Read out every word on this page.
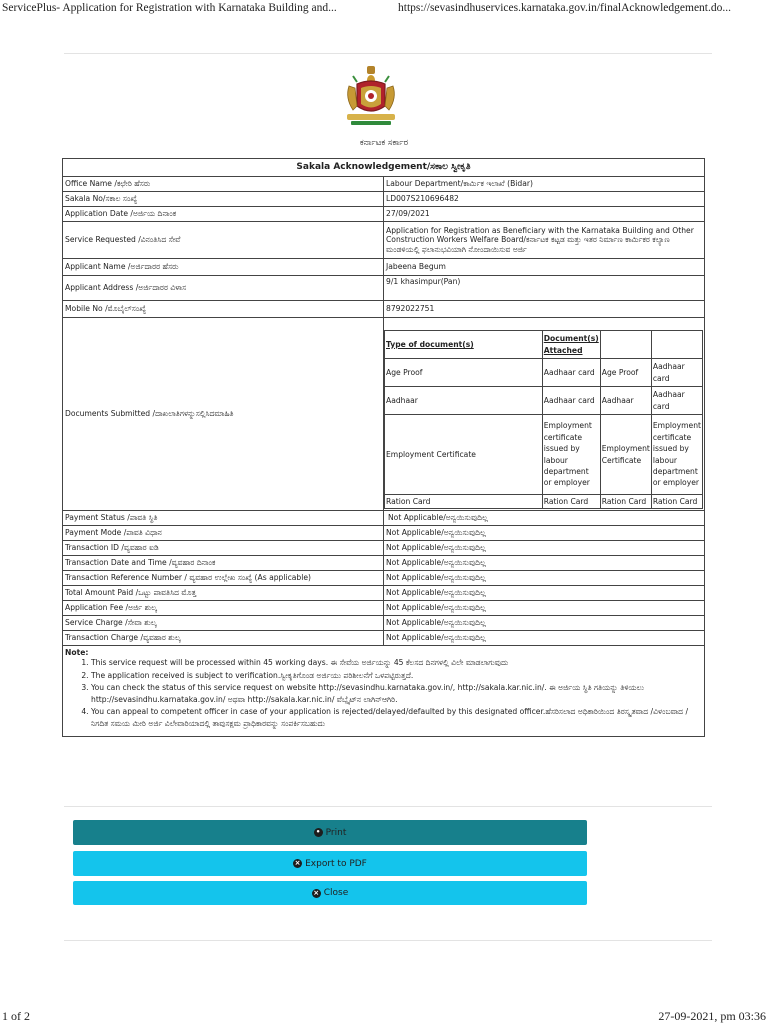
ServicePlus- Application for Registration with Karnataka Building and...	https://sevasindhuservices.karnataka.gov.in/finalAcknowledgement.do...
ಕರ್ನಾಟಕ ಸರ್ಕಾರ
Sakala Acknowledgement/ಸಕಾಲ ಸ್ವೀಕೃತಿ
Office Name /ಕಛೇರಿ ಹೆಸರು	Labour Department/ಕಾರ್ಮಿಕ ಇಲಾಖೆ (Bidar)
Sakala No/ಸಕಾಲ ಸಂಖ್ಯೆ	LD007S210696482
Application Date /ಅರ್ಜಿಯ ದಿನಾಂಕ	27/09/2021
Service Requested /ವಿನಂತಿಸಿದ ಸೇವೆ	Application for Registration as Beneficiary with the Karnataka Building and Other Construction Workers Welfare Board/ಕರ್ನಾಟಕ ಕಟ್ಟಡ ಮತ್ತು ಇತರ ನಿರ್ಮಾಣ ಕಾರ್ಮಿಕರ ಕಲ್ಯಾಣ ಮಂಡಳಿಯಲ್ಲಿ ಫಲಾನುಭವಿಯಾಗಿ ನೋಂದಾಯಿಸುವ ಅರ್ಜಿ
Applicant Name /ಅರ್ಜಿದಾರರ ಹೆಸರು	Jabeena Begum
Applicant Address /ಅರ್ಜಿದಾರರ ವಿಳಾಸ	9/1 khasimpur(Pan)
Mobile No /ಮೊಬೈಲ್‌ಸಂಖ್ಯೆ	8792022751
Documents Submitted /ದಾಖಲಾತಿಗಳನ್ನುಸಲ್ಲಿಸಿದಮಾಹಿತಿ	
Type of document(s)	Document(s) Attached		
Age Proof	Aadhaar card	Age Proof	Aadhaar card
Aadhaar	Aadhaar card	Aadhaar	Aadhaar card
Employment Certificate	Employment certificate issued by labour department or employer	Employment Certificate	Employment certificate issued by labour department or employer
Ration Card	Ration Card	Ration Card	Ration Card

Payment Status /ಪಾವತಿ ಸ್ಥಿತಿ	Not Applicable/ಅನ್ವಯಿಸುವುದಿಲ್ಲ
Payment Mode /ಪಾವತಿ ವಿಧಾನ	Not Applicable/ಅನ್ವಯಿಸುವುದಿಲ್ಲ
Transaction ID /ವ್ಯವಹಾರ ಐಡಿ	Not Applicable/ಅನ್ವಯಿಸುವುದಿಲ್ಲ
Transaction Date and Time /ವ್ಯವಹಾರ ದಿನಾಂಕ	Not Applicable/ಅನ್ವಯಿಸುವುದಿಲ್ಲ
Transaction Reference Number / ವ್ಯವಹಾರ ಉಲ್ಲೇಖ ಸಂಖ್ಯೆ (As applicable)	Not Applicable/ಅನ್ವಯಿಸುವುದಿಲ್ಲ
Total Amount Paid /ಒಟ್ಟು ಪಾವತಿಸಿದ ಮೊತ್ತ	Not Applicable/ಅನ್ವಯಿಸುವುದಿಲ್ಲ
Application Fee /ಅರ್ಜಿ ಶುಲ್ಕ	Not Applicable/ಅನ್ವಯಿಸುವುದಿಲ್ಲ
Service Charge /ಸೇವಾ ಶುಲ್ಕ	Not Applicable/ಅನ್ವಯಿಸುವುದಿಲ್ಲ
Transaction Charge /ವ್ಯವಹಾರ ಶುಲ್ಕ	Not Applicable/ಅನ್ವಯಿಸುವುದಿಲ್ಲ

Note:
1. This service request will be processed within 45 working days. ಈ ಸೇವೆಯ ಅರ್ಜಿಯನ್ನು 45 ಕೆಲಸದ ದಿನಗಳಲ್ಲಿ ವಿಲೇ ಮಾಡಲಾಗುವುದು
2. The application received is subject to verification.ಸ್ವೀಕೃತಿಗೊಂಡ ಅರ್ಜಿಯು ಪರಿಶೀಲನೆಗೆ ಒಳಪಟ್ಟಿರುತ್ತದೆ.
3. You can check the status of this service request on website http://sevasindhu.karnataka.gov.in/, http://sakala.kar.nic.in/. ಈ ಅರ್ಜಿಯ ಸ್ಥಿತಿ ಗತಿಯನ್ನು ತಿಳಿಯಲು http://sevasindhu.karnataka.gov.in/ ಅಥವಾ http://sakala.kar.nic.in/ ವೆಬ್ಸೈಟ್‌ನ ಲಾಗಿನ್‌ಆಗಿರಿ.
4. You can appeal to competent officer in case of your application is rejected/delayed/defaulted by this designated officer.ಹೆಸರಿಸಲಾದ ಅಧಿಕಾರಿಯಿಂದ ತಿರಸ್ಕೃತವಾದ /ವಿಳಂಬವಾದ /ನಿಗದಿತ ಸಮಯ ಮೀರಿ ಅರ್ಜಿ ವಿಲೇವಾರಿಯಾದಲ್ಲಿ ತಾವುಸಕ್ಷಮ ಪ್ರಾಧಿಕಾರವನ್ನು ಸಂಪರ್ಕಿಸಬಹುದು
• Print
× Export to PDF
× Close
1 of 2	27-09-2021, pm 03:36
